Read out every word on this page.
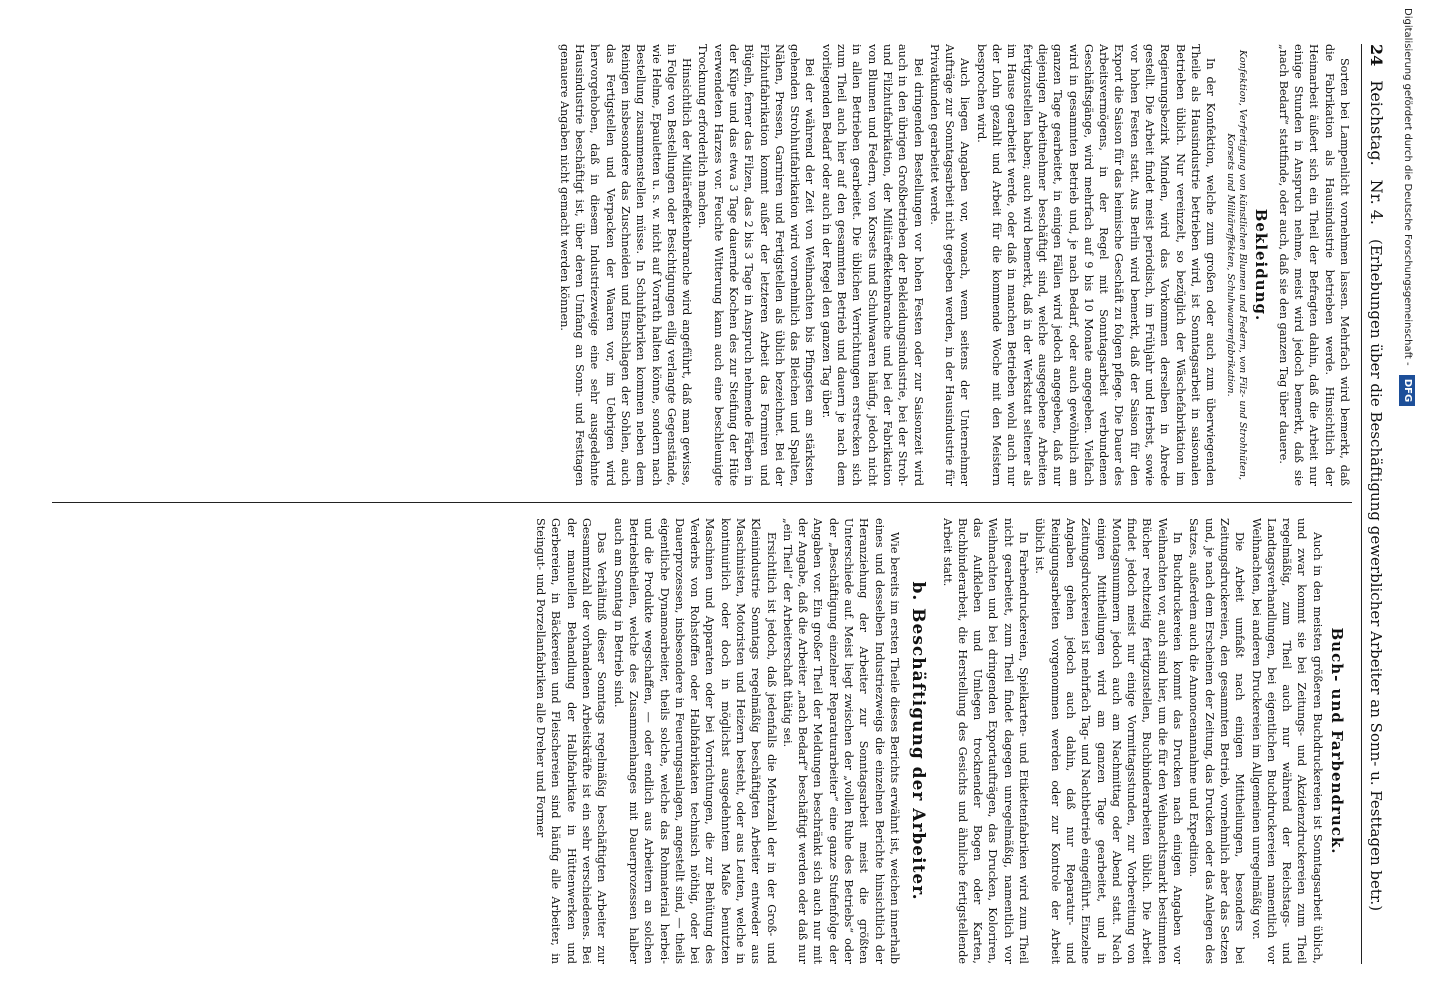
24
Reichstag.
Nr. 4.
(Erhebungen über die Beschäftigung gewerblicher Arbeiter an Sonn- u. Festtagen betr.)

Sorten bei Lampenlicht vornehmen lassen. Mehrfach wird bemerkt, daß die Fabrikation als Hausindustrie betrieben werde. Hinsichtlich der Heimarbeit äußert sich ein Theil der Befragten dahin, daß die Arbeit nur einige Stunden in Anspruch nehme, meist wird jedoch bemerkt, daß sie „nach Bedarf“ stattfinde, oder auch, daß sie den ganzen Tag über dauere.

Bekleidung.
Konfektion, Verfertigung von künstlichen Blumen und Federn, von Filz- und Strohhüten, Korsets und Militäreffekten, Schuhwaarenfabrikation.

In der Konfektion, welche zum großen oder auch zum überwiegenden Theile als Hausindustrie betrieben wird, ist Sonntagsarbeit in saisonalen Betrieben üblich. Nur vereinzelt, so bezüglich der Wäschefabrikation im Regierungsbezirk Minden, wird das Vorkommen derselben in Abrede gestellt. Die Arbeit findet meist periodisch, im Frühjahr und Herbst, sowie vor hohen Festen statt. Aus Berlin wird bemerkt, daß der Saison für den Export die Saison für das heimische Geschäft zu folgen pflege. Die Dauer des Arbeitsvermögens, in der Regel mit Sonntagsarbeit verbundenen Geschäftsgänge, wird mehrfach auf 9 bis 10 Monate angegeben. Vielfach wird in gesammten Betrieb und, je nach Bedarf, oder auch gewöhnlich am ganzen Tage gearbeitet, in einigen Fällen wird jedoch angegeben, daß nur diejenigen Arbeitnehmer beschäftigt sind, welche ausgegebene Arbeiten fertigzustellen haben; auch wird bemerkt, daß in der Werkstatt seltener als im Hause gearbeitet werde, oder daß in manchen Betrieben wohl auch nur der Lohn gezahlt und Arbeit für die kommende Woche mit den Meistern besprochen wird.

Auch liegen Angaben vor, wonach, wenn seitens der Unternehmer Aufträge zur Sonntagsarbeit nicht gegeben werden, in der Hausindustrie für Privatkunden gearbeitet werde.

Bei dringenden Bestellungen vor hohen Festen oder zur Saisonzeit wird auch in den übrigen Großbetrieben der Bekleidungsindustrie, bei der Stroh- und Filzhutfabrikation, der Militäreffektenbranche und bei der Fabrikation von Blumen und Federn, von Korsets und Schuhwaaren häufig, jedoch nicht in allen Betrieben gearbeitet. Die üblichen Verrichtungen erstrecken sich zum Theil auch hier auf den gesammten Betrieb und dauern je nach dem vorliegenden Bedarf oder auch in der Regel den ganzen Tag über.

Bei der während der Zeit von Weihnachten bis Pfingsten am stärksten gehenden Strohhutfabrikation wird vornehmlich das Bleichen und Spalten, Nähen, Pressen, Garniren und Fertigstellen als üblich bezeichnet. Bei der Filzhutfabrikation kommt außer der letzteren Arbeit das Formiren und Bügeln, ferner das Filzen, das 2 bis 3 Tage in Anspruch nehmende Färben in der Küpe und das etwa 3 Tage dauernde Kochen des zur Steifung der Hüte verwendeten Harzes vor. Feuchte Witterung kann auch eine beschleunigte Trocknung erforderlich machen.

Hinsichtlich der Militäreffektenbranche wird angeführt, daß man gewisse, in Folge von Bestellungen oder Besichtigungen eilig verlangte Gegenstände, wie Helme, Epauletten u. s. w. nicht auf Vorrath halten könne, sondern nach Bestellung zusammenstellen müsse. In Schuhfabriken kommen neben dem Reinigen insbesondere das Zuschneiden und Einschlagen der Sohlen, auch das Fertigstellen und Verpacken der Waaren vor, im Uebrigen wird hervorgehoben, daß in diesem Industriezweige eine sehr ausgedehnte Hausindustrie beschäftigt ist, über deren Umfang an Sonn- und Festtagen genauere Angaben nicht gemacht werden können.

Buch- und Farbendruck.

Auch in den meisten größeren Buchdruckereien ist Sonntagsarbeit üblich, und zwar kommt sie bei Zeitungs- und Akzidenzdruckereien zum Theil regelmäßig, zum Theil auch nur während der Reichstags- und Landtagsverhandlungen, bei eigentlichen Buchdruckereien namentlich vor Weihnachten, bei anderen Druckereien im Allgemeinen unregelmäßig vor.

Die Arbeit umfaßt nach einigen Mittheilungen, besonders bei Zeitungsdruckereien, den gesammten Betrieb, vornehmlich aber das Setzen und, je nach dem Erscheinen der Zeitung, das Drucken oder das Anlegen des Satzes, außerdem auch die Annoncenannahme und Expedition.

In Buchdruckereien kommt das Drucken nach einigen Angaben vor Weihnachten vor, auch sind hier, um die für den Weihnachtsmarkt bestimmten Bücher rechtzeitig fertigzustellen, Buchbinderarbeiten üblich. Die Arbeit findet jedoch meist nur einige Vormittagsstunden, zur Vorbereitung von Montagsnummern jedoch auch am Nachmittag oder Abend statt. Nach einigen Mittheilungen wird am ganzen Tage gearbeitet, und in Zeitungsdruckereien ist mehrfach Tag- und Nachtbetrieb eingeführt. Einzelne Angaben gehen jedoch auch dahin, daß nur Reparatur- und Reinigungsarbeiten vorgenommen werden oder zur Kontrole der Arbeit üblich ist.

In Farbendruckereien, Spielkarten- und Etikettenfabriken wird zum Theil nicht gearbeitet, zum Theil findet dagegen unregelmäßig, namentlich vor Weihnachten und bei dringenden Exportaufträgen, das Drucken, Koloriren, das Aufkleben und Umlegen trocknender Bogen oder Karten, Buchbinderarbeit, die Herstellung des Gesichts und ähnliche fertigstellende Arbeit statt.

b. Beschäftigung der Arbeiter.

Wie bereits im ersten Theile dieses Berichts erwähnt ist, weichen innerhalb eines und desselben Industriezweigs die einzelnen Berichte hinsichtlich der Heranziehung der Arbeiter zur Sonntagsarbeit meist die größten Unterschiede auf. Meist liegt zwischen der „vollen Ruhe des Betriebs“ oder der „Beschäftigung einzelner Reparaturarbeiter“ eine ganze Stufenfolge der Angaben vor. Ein großer Theil der Meldungen beschränkt sich auch nur mit der Angabe, daß die Arbeiter „nach Bedarf“ beschäftigt werden oder daß nur „ein Theil“ der Arbeiterschaft thätig sei.

Ersichtlich ist jedoch, daß jedenfalls die Mehrzahl der in der Groß- und Kleinindustrie Sonntags regelmäßig beschäftigten Arbeiter entweder aus Maschinisten, Motoristen und Heizern besteht, oder aus Leuten, welche in kontinuirlich oder doch in möglichst ausgedehntem Maße benutzten Maschinen und Apparaten oder bei Vorrichtungen, die zur Behütung des Verderbs von Rohstoffen oder Halbfabrikaten technisch nöthig, oder bei Dauerprozessen, insbesondere in Feuerungsanlagen, angestellt sind, — theils eigentliche Dynamoarbeiter, theils solche, welche das Rohmaterial herbei- und die Produkte wegschaffen, — oder endlich aus Arbeitern an solchen Betriebstheilen, welche des Zusammenhanges mit Dauerprozessen halber auch am Sonntag in Betrieb sind.

Das Verhältniß dieser Sonntags regelmäßig beschäftigten Arbeiter zur Gesammtzahl der vorhandenen Arbeitskräfte ist ein sehr verschiedenes. Bei der manuellen Behandlung der Halbfabrikate in Hüttenwerken und Gerbereien, in Bäckereien und Fleischereien sind häufig alle Arbeiter, in Steingut- und Porzellanfabriken alle Dreher und Former

Digitalisierung gefördert durch die Deutsche Forschungsgemeinschaft - DFG
